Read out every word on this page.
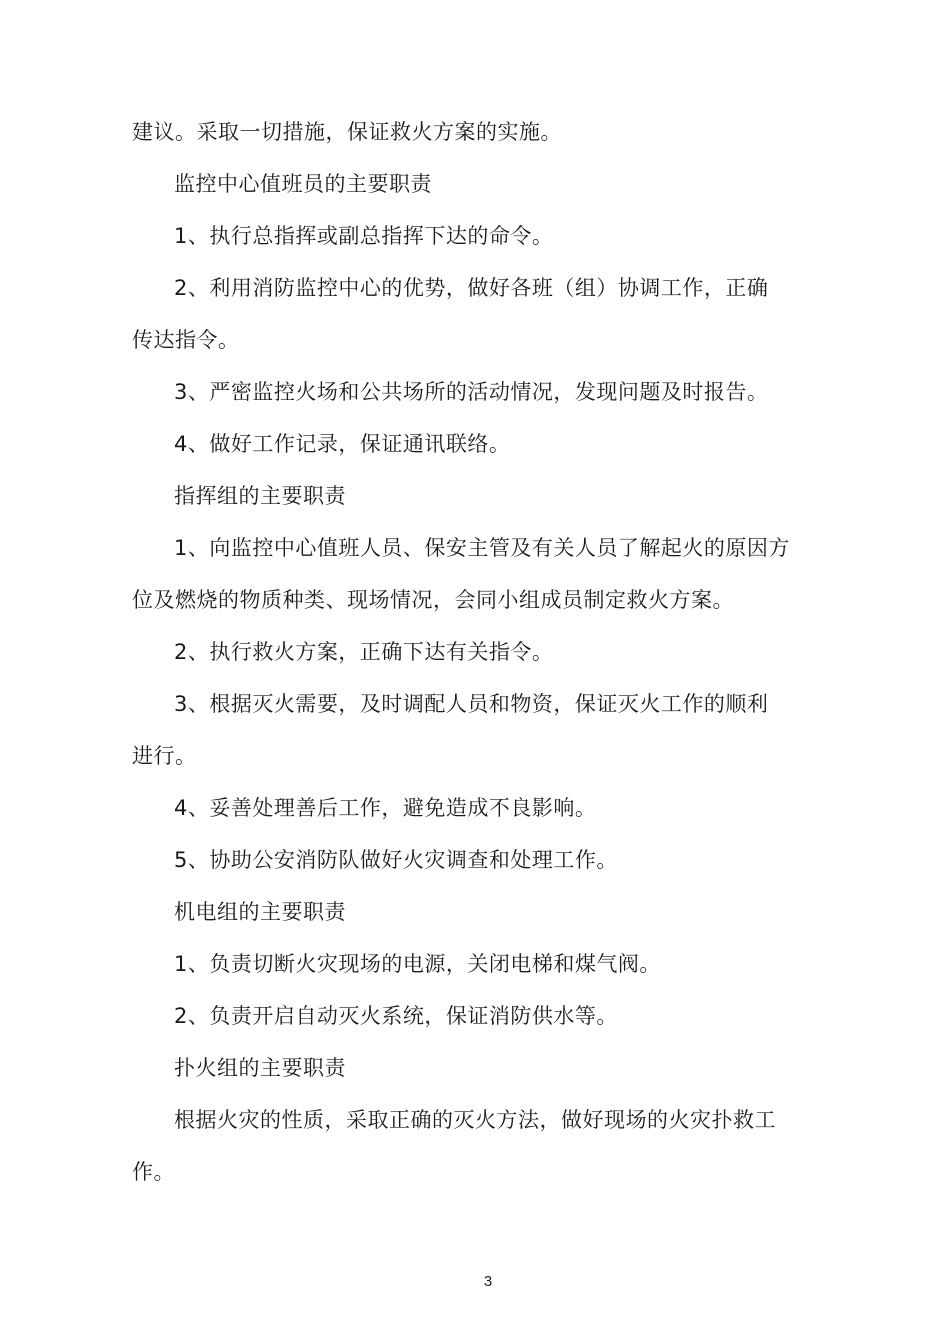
建议。采取一切措施，保证救火方案的实施。
监控中心值班员的主要职责
1、执行总指挥或副总指挥下达的命令。
2、利用消防监控中心的优势，做好各班（组）协调工作，正确
传达指令。
3、严密监控火场和公共场所的活动情况，发现问题及时报告。
4、做好工作记录，保证通讯联络。
指挥组的主要职责
1、向监控中心值班人员、保安主管及有关人员了解起火的原因方
位及燃烧的物质种类、现场情况，会同小组成员制定救火方案。
2、执行救火方案，正确下达有关指令。
3、根据灭火需要，及时调配人员和物资，保证灭火工作的顺利
进行。
4、妥善处理善后工作，避免造成不良影响。
5、协助公安消防队做好火灾调查和处理工作。
机电组的主要职责
1、负责切断火灾现场的电源，关闭电梯和煤气阀。
2、负责开启自动灭火系统，保证消防供水等。
扑火组的主要职责
根据火灾的性质，采取正确的灭火方法，做好现场的火灾扑救工
作。
3
